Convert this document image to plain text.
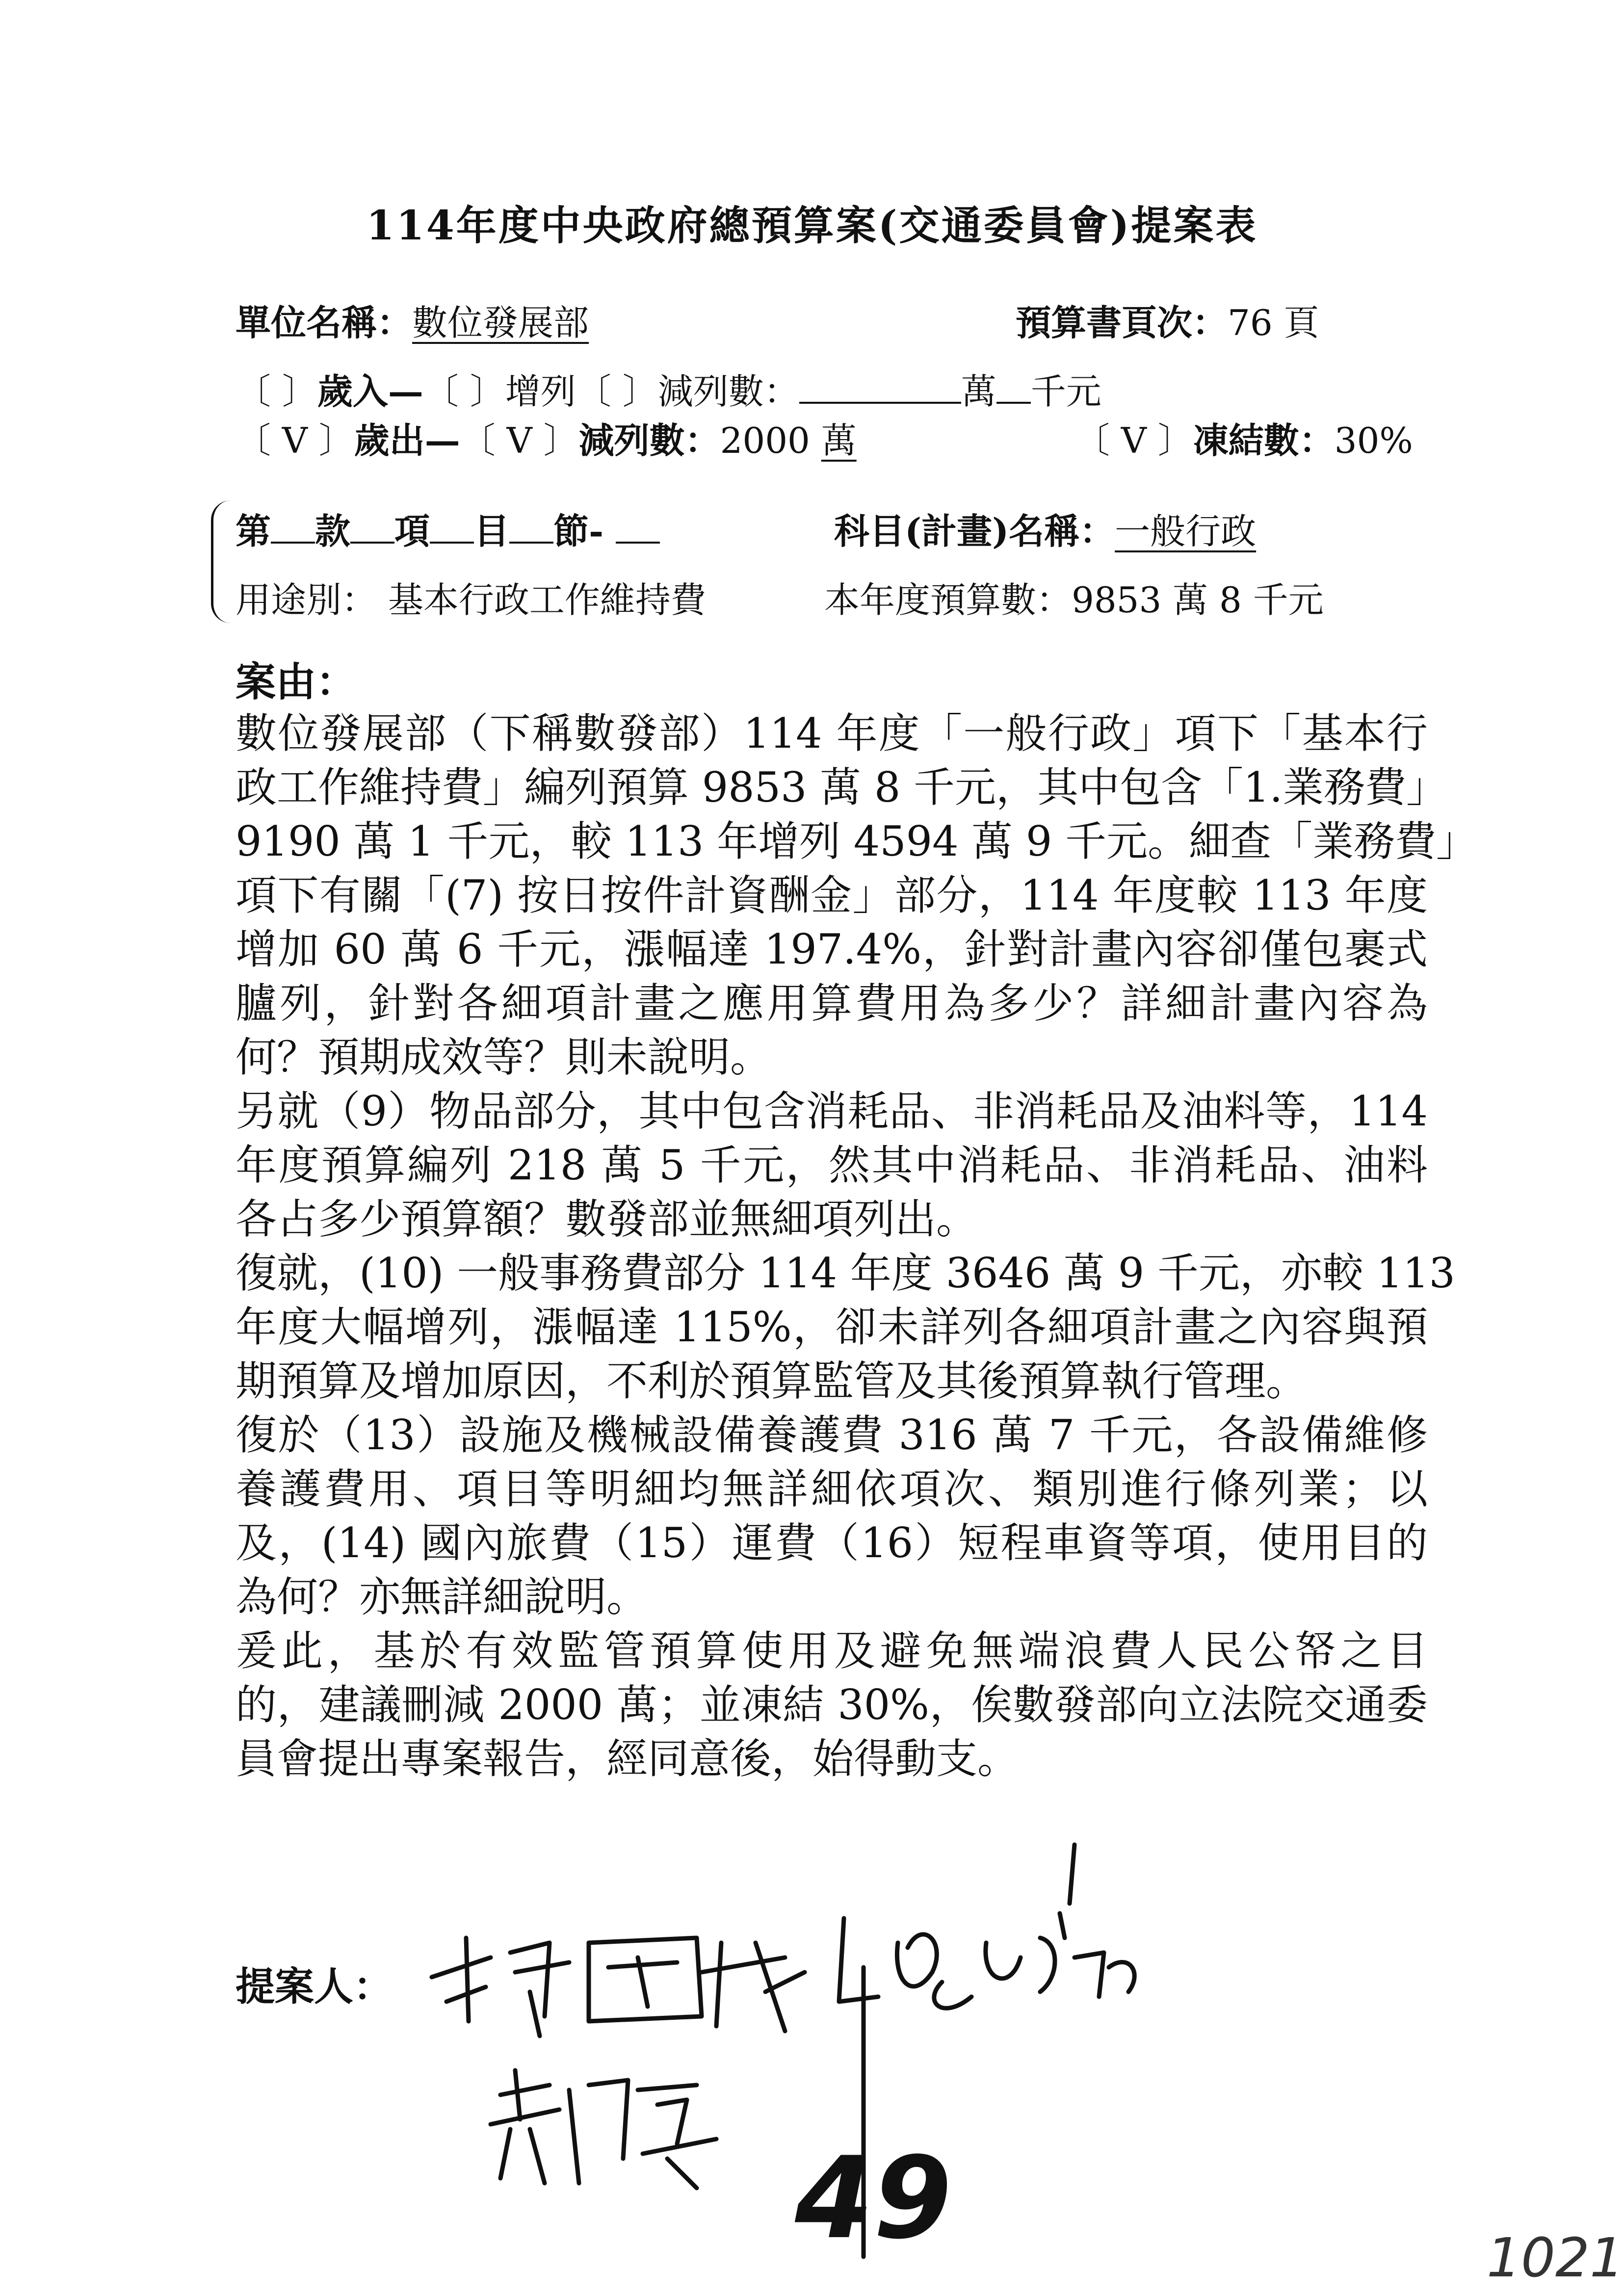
114年度中央政府總預算案(交通委員會)提案表
單位名稱：數位發展部	預算書頁次：76 頁
〔 〕歲入—〔 〕增列〔 〕減列數：	萬 千元
〔 V 〕歲出—〔 V 〕減列數：2000 萬	〔 V 〕凍結數：30%
第 款 項 目 節-	科目(計畫)名稱：一般行政
用途別： 基本行政工作維持費	本年度預算數：9853 萬 8 千元
案由：
數位發展部（下稱數發部）114 年度「一般行政」項下「基本行
政工作維持費」編列預算 9853 萬 8 千元，其中包含「1.業務費」
9190 萬 1 千元，較 113 年增列 4594 萬 9 千元。細查「業務費」
項下有關「(7) 按日按件計資酬金」部分，114 年度較 113 年度
增加 60 萬 6 千元，漲幅達 197.4%，針對計畫內容卻僅包裹式
臚列，針對各細項計畫之應用算費用為多少？詳細計畫內容為
何？預期成效等？則未說明。
另就（9）物品部分，其中包含消耗品、非消耗品及油料等，114
年度預算編列 218 萬 5 千元，然其中消耗品、非消耗品、油料
各占多少預算額？數發部並無細項列出。
復就，(10) 一般事務費部分 114 年度 3646 萬 9 千元，亦較 113
年度大幅增列，漲幅達 115%，卻未詳列各細項計畫之內容與預
期預算及增加原因，不利於預算監管及其後預算執行管理。
復於（13）設施及機械設備養護費 316 萬 7 千元，各設備維修
養護費用、項目等明細均無詳細依項次、類別進行條列業；以
及，(14) 國內旅費（15）運費（16）短程車資等項，使用目的
為何？亦無詳細說明。
爰此，基於有效監管預算使用及避免無端浪費人民公帑之目
的，建議刪減 2000 萬；並凍結 30%，俟數發部向立法院交通委
員會提出專案報告，經同意後，始得動支。
提案人：
49	1021
